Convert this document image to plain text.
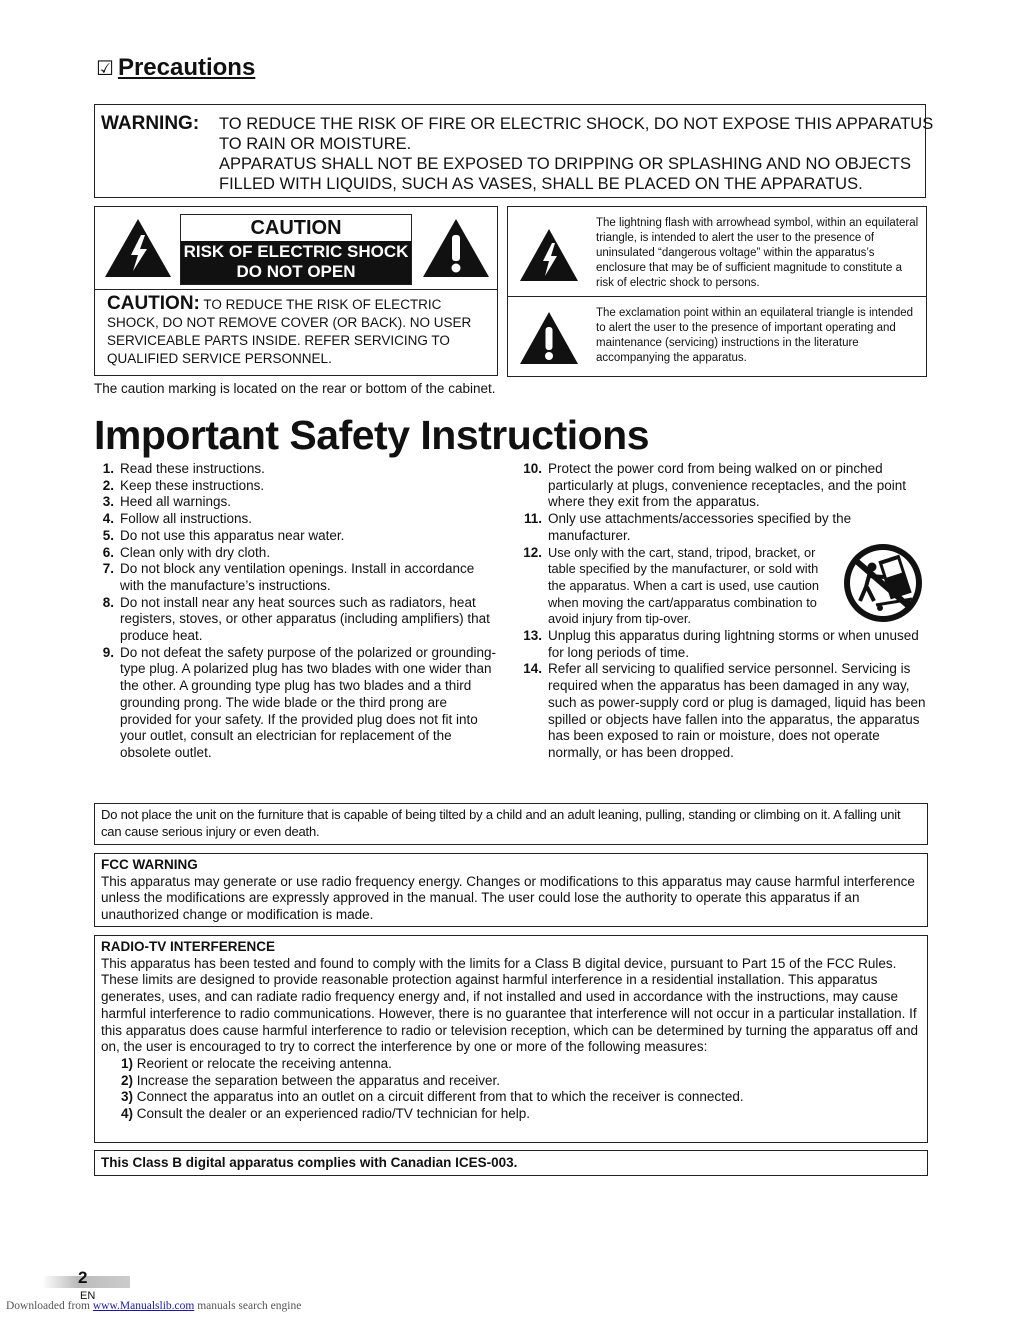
☑ Precautions
WARNING: TO REDUCE THE RISK OF FIRE OR ELECTRIC SHOCK, DO NOT EXPOSE THIS APPARATUS
TO RAIN OR MOISTURE.
APPARATUS SHALL NOT BE EXPOSED TO DRIPPING OR SPLASHING AND NO OBJECTS
FILLED WITH LIQUIDS, SUCH AS VASES, SHALL BE PLACED ON THE APPARATUS.
CAUTION
RISK OF ELECTRIC SHOCK
DO NOT OPEN
CAUTION: TO REDUCE THE RISK OF ELECTRIC SHOCK, DO NOT REMOVE COVER (OR BACK). NO USER SERVICEABLE PARTS INSIDE. REFER SERVICING TO QUALIFIED SERVICE PERSONNEL.
The lightning flash with arrowhead symbol, within an equilateral triangle, is intended to alert the user to the presence of uninsulated “dangerous voltage” within the apparatus’s enclosure that may be of sufficient magnitude to constitute a risk of electric shock to persons.
The exclamation point within an equilateral triangle is intended to alert the user to the presence of important operating and maintenance (servicing) instructions in the literature accompanying the apparatus.
The caution marking is located on the rear or bottom of the cabinet.
Important Safety Instructions
1. Read these instructions.
2. Keep these instructions.
3. Heed all warnings.
4. Follow all instructions.
5. Do not use this apparatus near water.
6. Clean only with dry cloth.
7. Do not block any ventilation openings. Install in accordance with the manufacture’s instructions.
8. Do not install near any heat sources such as radiators, heat registers, stoves, or other apparatus (including amplifiers) that produce heat.
9. Do not defeat the safety purpose of the polarized or grounding-type plug. A polarized plug has two blades with one wider than the other. A grounding type plug has two blades and a third grounding prong. The wide blade or the third prong are provided for your safety. If the provided plug does not fit into your outlet, consult an electrician for replacement of the obsolete outlet.
10. Protect the power cord from being walked on or pinched particularly at plugs, convenience receptacles, and the point where they exit from the apparatus.
11. Only use attachments/accessories specified by the manufacturer.
12. Use only with the cart, stand, tripod, bracket, or table specified by the manufacturer, or sold with the apparatus. When a cart is used, use caution when moving the cart/apparatus combination to avoid injury from tip-over.
13. Unplug this apparatus during lightning storms or when unused for long periods of time.
14. Refer all servicing to qualified service personnel. Servicing is required when the apparatus has been damaged in any way, such as power-supply cord or plug is damaged, liquid has been spilled or objects have fallen into the apparatus, the apparatus has been exposed to rain or moisture, does not operate normally, or has been dropped.
Do not place the unit on the furniture that is capable of being tilted by a child and an adult leaning, pulling, standing or climbing on it. A falling unit can cause serious injury or even death.
FCC WARNING
This apparatus may generate or use radio frequency energy. Changes or modifications to this apparatus may cause harmful interference unless the modifications are expressly approved in the manual. The user could lose the authority to operate this apparatus if an unauthorized change or modification is made.
RADIO-TV INTERFERENCE
This apparatus has been tested and found to comply with the limits for a Class B digital device, pursuant to Part 15 of the FCC Rules. These limits are designed to provide reasonable protection against harmful interference in a residential installation. This apparatus generates, uses, and can radiate radio frequency energy and, if not installed and used in accordance with the instructions, may cause harmful interference to radio communications. However, there is no guarantee that interference will not occur in a particular installation. If this apparatus does cause harmful interference to radio or television reception, which can be determined by turning the apparatus off and on, the user is encouraged to try to correct the interference by one or more of the following measures:
1) Reorient or relocate the receiving antenna.
2) Increase the separation between the apparatus and receiver.
3) Connect the apparatus into an outlet on a circuit different from that to which the receiver is connected.
4) Consult the dealer or an experienced radio/TV technician for help.
This Class B digital apparatus complies with Canadian ICES-003.
2
EN
Downloaded from www.Manualslib.com manuals search engine
